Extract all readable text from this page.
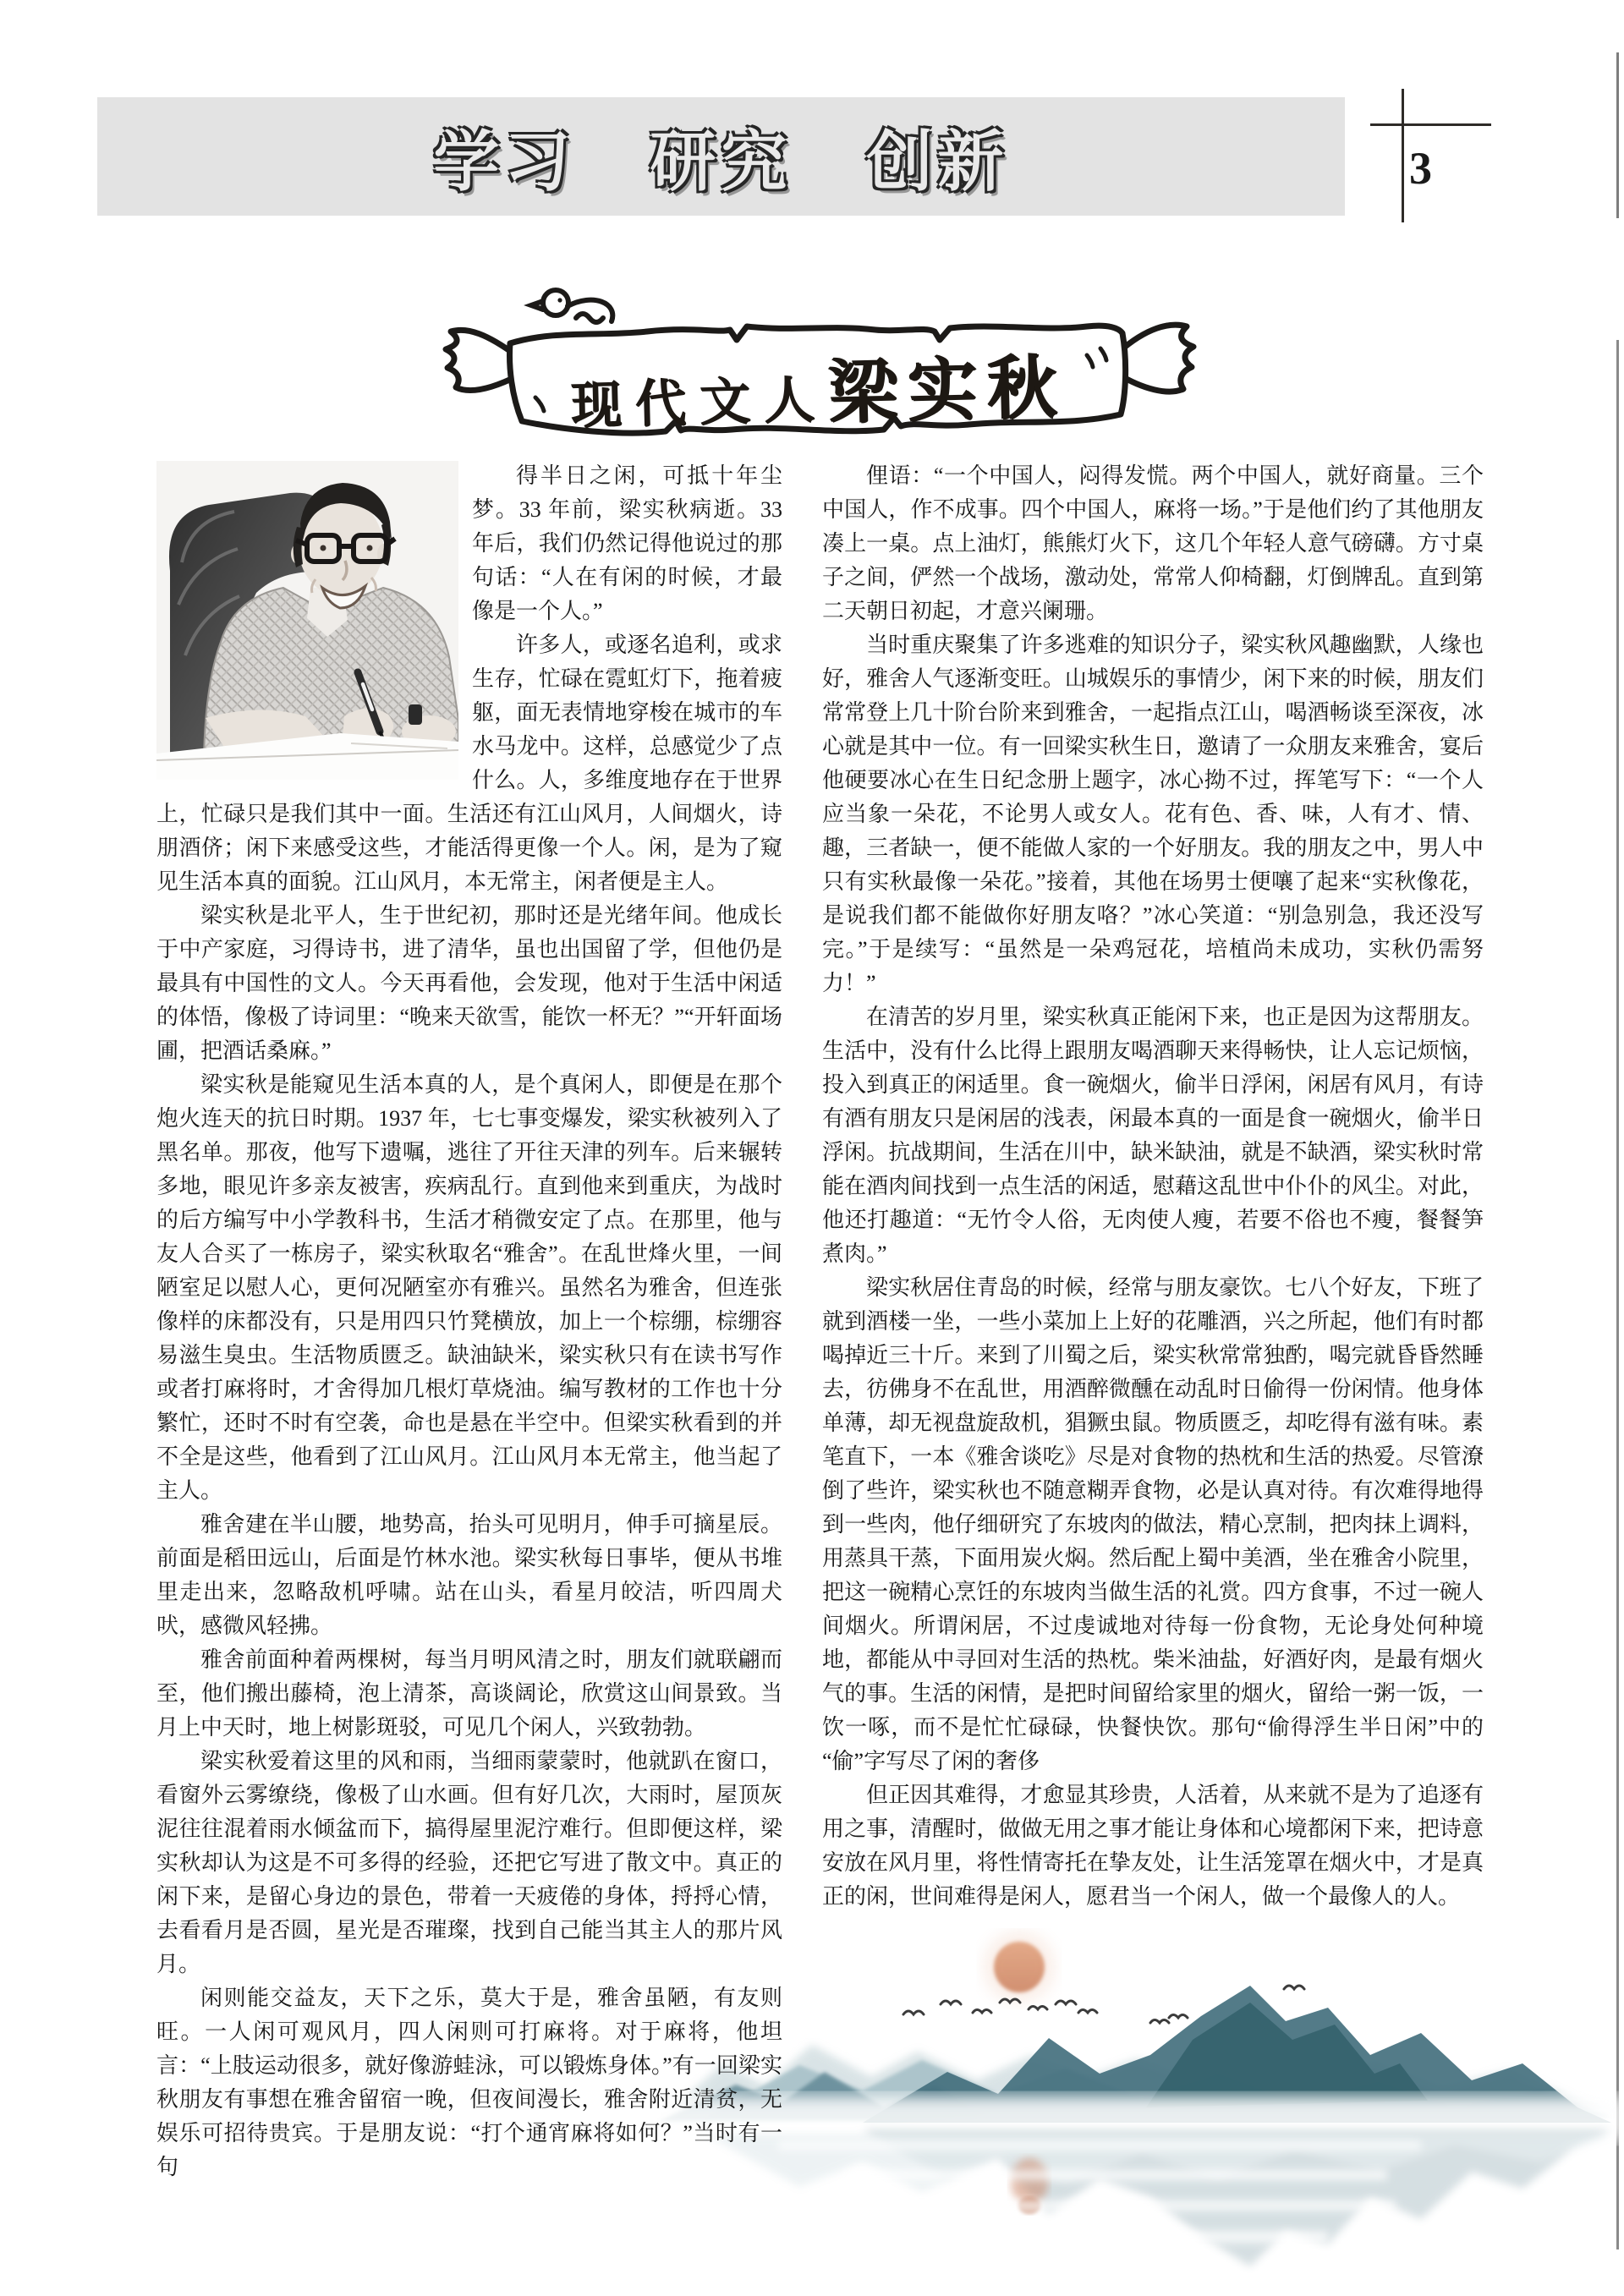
学习 研究 创新	3
现代文人梁实秋

得半日之闲，可抵十年尘梦。33 年前，梁实秋病逝。33 年后，我们仍然记得他说过的那句话：“人在有闲的时候，才最像是一个人。”

许多人，或逐名追利，或求生存，忙碌在霓虹灯下，拖着疲躯，面无表情地穿梭在城市的车水马龙中。这样，总感觉少了点什么。人，多维度地存在于世界上，忙碌只是我们其中一面。生活还有江山风月，人间烟火，诗朋酒侪；闲下来感受这些，才能活得更像一个人。闲，是为了窥见生活本真的面貌。江山风月，本无常主，闲者便是主人。

梁实秋是北平人，生于世纪初，那时还是光绪年间。他成长于中产家庭，习得诗书，进了清华，虽也出国留了学，但他仍是最具有中国性的文人。今天再看他，会发现，他对于生活中闲适的体悟，像极了诗词里：“晚来天欲雪，能饮一杯无？”“开轩面场圃，把酒话桑麻。”

梁实秋是能窥见生活本真的人，是个真闲人，即便是在那个炮火连天的抗日时期。1937 年，七七事变爆发，梁实秋被列入了黑名单。那夜，他写下遗嘱，逃往了开往天津的列车。后来辗转多地，眼见许多亲友被害，疾病乱行。直到他来到重庆，为战时的后方编写中小学教科书，生活才稍微安定了点。在那里，他与友人合买了一栋房子，梁实秋取名“雅舍”。在乱世烽火里，一间陋室足以慰人心，更何况陋室亦有雅兴。虽然名为雅舍，但连张像样的床都没有，只是用四只竹凳横放，加上一个棕绷，棕绷容易滋生臭虫。生活物质匮乏。缺油缺米，梁实秋只有在读书写作或者打麻将时，才舍得加几根灯草烧油。编写教材的工作也十分繁忙，还时不时有空袭，命也是悬在半空中。但梁实秋看到的并不全是这些，他看到了江山风月。江山风月本无常主，他当起了主人。

雅舍建在半山腰，地势高，抬头可见明月，伸手可摘星辰。前面是稻田远山，后面是竹林水池。梁实秋每日事毕，便从书堆里走出来，忽略敌机呼啸。站在山头，看星月皎洁，听四周犬吠，感微风轻拂。

雅舍前面种着两棵树，每当月明风清之时，朋友们就联翩而至，他们搬出藤椅，泡上清茶，高谈阔论，欣赏这山间景致。当月上中天时，地上树影斑驳，可见几个闲人，兴致勃勃。

梁实秋爱着这里的风和雨，当细雨蒙蒙时，他就趴在窗口，看窗外云雾缭绕，像极了山水画。但有好几次，大雨时，屋顶灰泥往往混着雨水倾盆而下，搞得屋里泥泞难行。但即便这样，梁实秋却认为这是不可多得的经验，还把它写进了散文中。真正的闲下来，是留心身边的景色，带着一天疲倦的身体，捋捋心情，去看看月是否圆，星光是否璀璨，找到自己能当其主人的那片风月。

闲则能交益友，天下之乐，莫大于是，雅舍虽陋，有友则旺。一人闲可观风月，四人闲则可打麻将。对于麻将，他坦言：“上肢运动很多，就好像游蛙泳，可以锻炼身体。”有一回梁实秋朋友有事想在雅舍留宿一晚，但夜间漫长，雅舍附近清贫，无娱乐可招待贵宾。于是朋友说：“打个通宵麻将如何？”当时有一句

俚语：“一个中国人，闷得发慌。两个中国人，就好商量。三个中国人，作不成事。四个中国人，麻将一场。”于是他们约了其他朋友凑上一桌。点上油灯，熊熊灯火下，这几个年轻人意气磅礴。方寸桌子之间，俨然一个战场，激动处，常常人仰椅翻，灯倒牌乱。直到第二天朝日初起，才意兴阑珊。

当时重庆聚集了许多逃难的知识分子，梁实秋风趣幽默，人缘也好，雅舍人气逐渐变旺。山城娱乐的事情少，闲下来的时候，朋友们常常登上几十阶台阶来到雅舍，一起指点江山，喝酒畅谈至深夜，冰心就是其中一位。有一回梁实秋生日，邀请了一众朋友来雅舍，宴后他硬要冰心在生日纪念册上题字，冰心拗不过，挥笔写下：“一个人应当象一朵花，不论男人或女人。花有色、香、味，人有才、情、趣，三者缺一，便不能做人家的一个好朋友。我的朋友之中，男人中只有实秋最像一朵花。”接着，其他在场男士便嚷了起来“实秋像花，是说我们都不能做你好朋友咯？”冰心笑道：“别急别急，我还没写完。”于是续写：“虽然是一朵鸡冠花，培植尚未成功，实秋仍需努力！”

在清苦的岁月里，梁实秋真正能闲下来，也正是因为这帮朋友。生活中，没有什么比得上跟朋友喝酒聊天来得畅快，让人忘记烦恼，投入到真正的闲适里。食一碗烟火，偷半日浮闲，闲居有风月，有诗有酒有朋友只是闲居的浅表，闲最本真的一面是食一碗烟火，偷半日浮闲。抗战期间，生活在川中，缺米缺油，就是不缺酒，梁实秋时常能在酒肉间找到一点生活的闲适，慰藉这乱世中仆仆的风尘。对此，他还打趣道：“无竹令人俗，无肉使人瘦，若要不俗也不瘦，餐餐笋煮肉。”

梁实秋居住青岛的时候，经常与朋友豪饮。七八个好友，下班了就到酒楼一坐，一些小菜加上上好的花雕酒，兴之所起，他们有时都喝掉近三十斤。来到了川蜀之后，梁实秋常常独酌，喝完就昏昏然睡去，彷佛身不在乱世，用酒醉微醺在动乱时日偷得一份闲情。他身体单薄，却无视盘旋敌机，猖獗虫鼠。物质匮乏，却吃得有滋有味。素笔直下，一本《雅舍谈吃》尽是对食物的热枕和生活的热爱。尽管潦倒了些许，梁实秋也不随意糊弄食物，必是认真对待。有次难得地得到一些肉，他仔细研究了东坡肉的做法，精心烹制，把肉抹上调料，用蒸具干蒸，下面用炭火焖。然后配上蜀中美酒，坐在雅舍小院里，把这一碗精心烹饪的东坡肉当做生活的礼赏。四方食事，不过一碗人间烟火。所谓闲居，不过虔诚地对待每一份食物，无论身处何种境地，都能从中寻回对生活的热枕。柴米油盐，好酒好肉，是最有烟火气的事。生活的闲情，是把时间留给家里的烟火，留给一粥一饭，一饮一啄，而不是忙忙碌碌，快餐快饮。那句“偷得浮生半日闲”中的 “偷”字写尽了闲的奢侈

但正因其难得，才愈显其珍贵，人活着，从来就不是为了追逐有用之事，清醒时，做做无用之事才能让身体和心境都闲下来，把诗意安放在风月里，将性情寄托在挚友处，让生活笼罩在烟火中，才是真正的闲，世间难得是闲人，愿君当一个闲人，做一个最像人的人。
